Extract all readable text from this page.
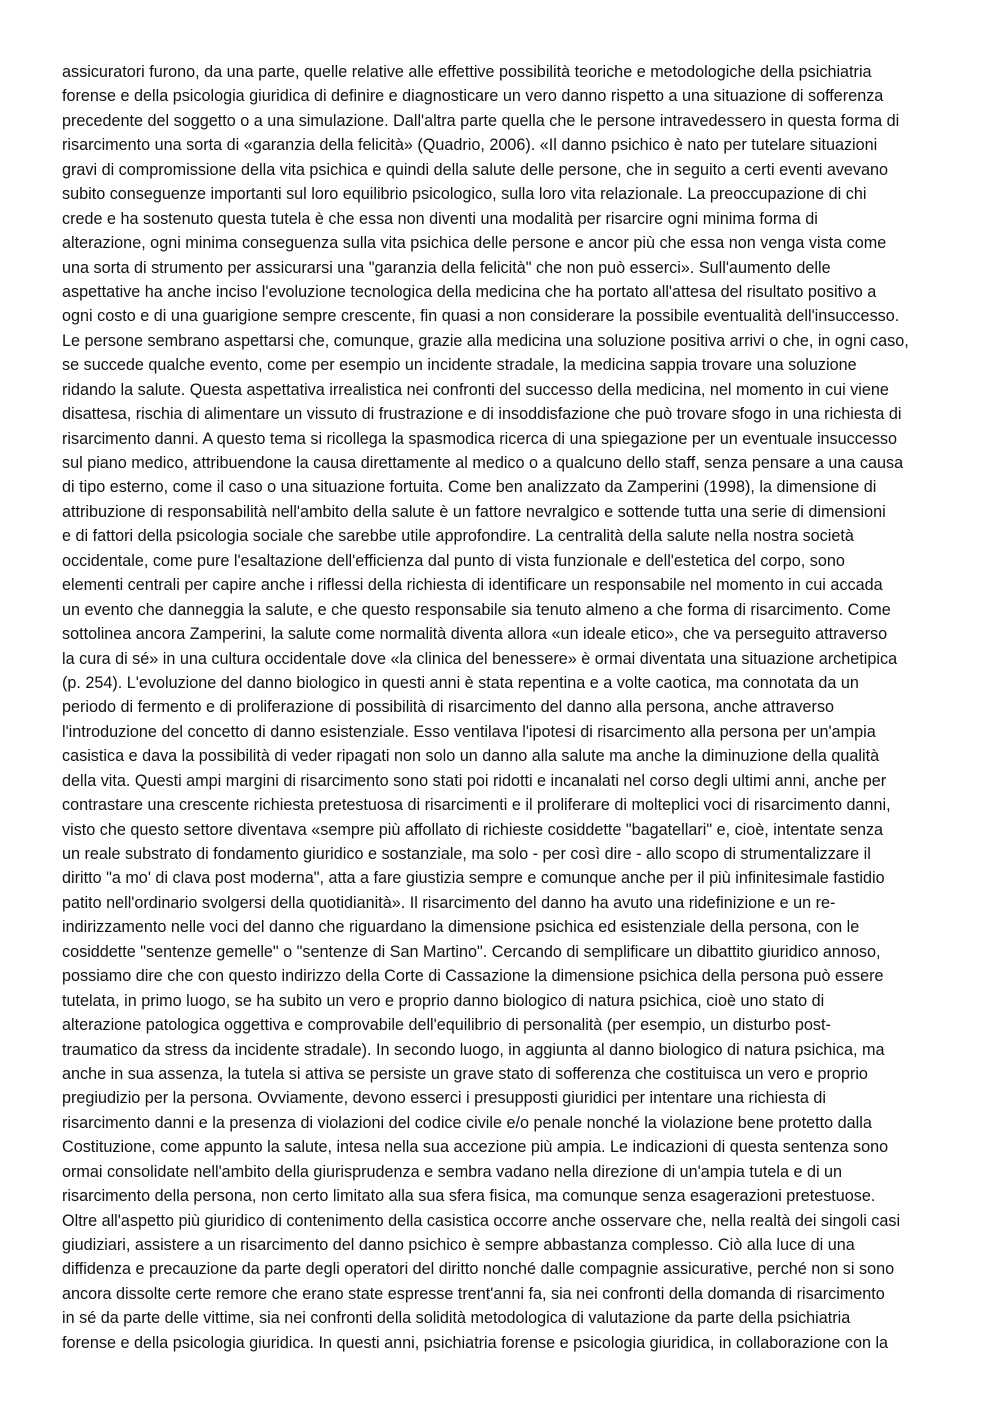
assicuratori furono, da una parte, quelle relative alle effettive possibilità teoriche e metodologiche della psichiatria
forense e della psicologia giuridica di definire e diagnosticare un vero danno rispetto a una situazione di sofferenza
precedente del soggetto o a una simulazione. Dall'altra parte quella che le persone intravedessero in questa forma di
risarcimento una sorta di «garanzia della felicità» (Quadrio, 2006). «Il danno psichico è nato per tutelare situazioni
gravi di compromissione della vita psichica e quindi della salute delle persone, che in seguito a certi eventi avevano
subito conseguenze importanti sul loro equilibrio psicologico, sulla loro vita relazionale. La preoccupazione di chi
crede e ha sostenuto questa tutela è che essa non diventi una modalità per risarcire ogni minima forma di
alterazione, ogni minima conseguenza sulla vita psichica delle persone e ancor più che essa non venga vista come
una sorta di strumento per assicurarsi una "garanzia della felicità" che non può esserci». Sull'aumento delle
aspettative ha anche inciso l'evoluzione tecnologica della medicina che ha portato all'attesa del risultato positivo a
ogni costo e di una guarigione sempre crescente, fin quasi a non considerare la possibile eventualità dell'insuccesso.
Le persone sembrano aspettarsi che, comunque, grazie alla medicina una soluzione positiva arrivi o che, in ogni caso,
se succede qualche evento, come per esempio un incidente stradale, la medicina sappia trovare una soluzione
ridando la salute. Questa aspettativa irrealistica nei confronti del successo della medicina, nel momento in cui viene
disattesa, rischia di alimentare un vissuto di frustrazione e di insoddisfazione che può trovare sfogo in una richiesta di
risarcimento danni. A questo tema si ricollega la spasmodica ricerca di una spiegazione per un eventuale insuccesso
sul piano medico, attribuendone la causa direttamente al medico o a qualcuno dello staff, senza pensare a una causa
di tipo esterno, come il caso o una situazione fortuita. Come ben analizzato da Zamperini (1998), la dimensione di
attribuzione di responsabilità nell'ambito della salute è un fattore nevralgico e sottende tutta una serie di dimensioni
e di fattori della psicologia sociale che sarebbe utile approfondire. La centralità della salute nella nostra società
occidentale, come pure l'esaltazione dell'efficienza dal punto di vista funzionale e dell'estetica del corpo, sono
elementi centrali per capire anche i riflessi della richiesta di identificare un responsabile nel momento in cui accada
un evento che danneggia la salute, e che questo responsabile sia tenuto almeno a che forma di risarcimento. Come
sottolinea ancora Zamperini, la salute come normalità diventa allora «un ideale etico», che va perseguito attraverso
la cura di sé» in una cultura occidentale dove «la clinica del benessere» è ormai diventata una situazione archetipica
(p. 254). L'evoluzione del danno biologico in questi anni è stata repentina e a volte caotica, ma connotata da un
periodo di fermento e di proliferazione di possibilità di risarcimento del danno alla persona, anche attraverso
l'introduzione del concetto di danno esistenziale. Esso ventilava l'ipotesi di risarcimento alla persona per un'ampia
casistica e dava la possibilità di veder ripagati non solo un danno alla salute ma anche la diminuzione della qualità
della vita. Questi ampi margini di risarcimento sono stati poi ridotti e incanalati nel corso degli ultimi anni, anche per
contrastare una crescente richiesta pretestuosa di risarcimenti e il proliferare di molteplici voci di risarcimento danni,
visto che questo settore diventava «sempre più affollato di richieste cosiddette "bagatellari" e, cioè, intentate senza
un reale substrato di fondamento giuridico e sostanziale, ma solo - per così dire - allo scopo di strumentalizzare il
diritto "a mo' di clava post moderna", atta a fare giustizia sempre e comunque anche per il più infinitesimale fastidio
patito nell'ordinario svolgersi della quotidianità». Il risarcimento del danno ha avuto una ridefinizione e un re-
indirizzamento nelle voci del danno che riguardano la dimensione psichica ed esistenziale della persona, con le
cosiddette "sentenze gemelle" o "sentenze di San Martino". Cercando di semplificare un dibattito giuridico annoso,
possiamo dire che con questo indirizzo della Corte di Cassazione la dimensione psichica della persona può essere
tutelata, in primo luogo, se ha subito un vero e proprio danno biologico di natura psichica, cioè uno stato di
alterazione patologica oggettiva e comprovabile dell'equilibrio di personalità (per esempio, un disturbo post-
traumatico da stress da incidente stradale). In secondo luogo, in aggiunta al danno biologico di natura psichica, ma
anche in sua assenza, la tutela si attiva se persiste un grave stato di sofferenza che costituisca un vero e proprio
pregiudizio per la persona. Ovviamente, devono esserci i presupposti giuridici per intentare una richiesta di
risarcimento danni e la presenza di violazioni del codice civile e/o penale nonché la violazione bene protetto dalla
Costituzione, come appunto la salute, intesa nella sua accezione più ampia. Le indicazioni di questa sentenza sono
ormai consolidate nell'ambito della giurisprudenza e sembra vadano nella direzione di un'ampia tutela e di un
risarcimento della persona, non certo limitato alla sua sfera fisica, ma comunque senza esagerazioni pretestuose.
Oltre all'aspetto più giuridico di contenimento della casistica occorre anche osservare che, nella realtà dei singoli casi
giudiziari, assistere a un risarcimento del danno psichico è sempre abbastanza complesso. Ciò alla luce di una
diffidenza e precauzione da parte degli operatori del diritto nonché dalle compagnie assicurative, perché non si sono
ancora dissolte certe remore che erano state espresse trent'anni fa, sia nei confronti della domanda di risarcimento
in sé da parte delle vittime, sia nei confronti della solidità metodologica di valutazione da parte della psichiatria
forense e della psicologia giuridica. In questi anni, psichiatria forense e psicologia giuridica, in collaborazione con la
